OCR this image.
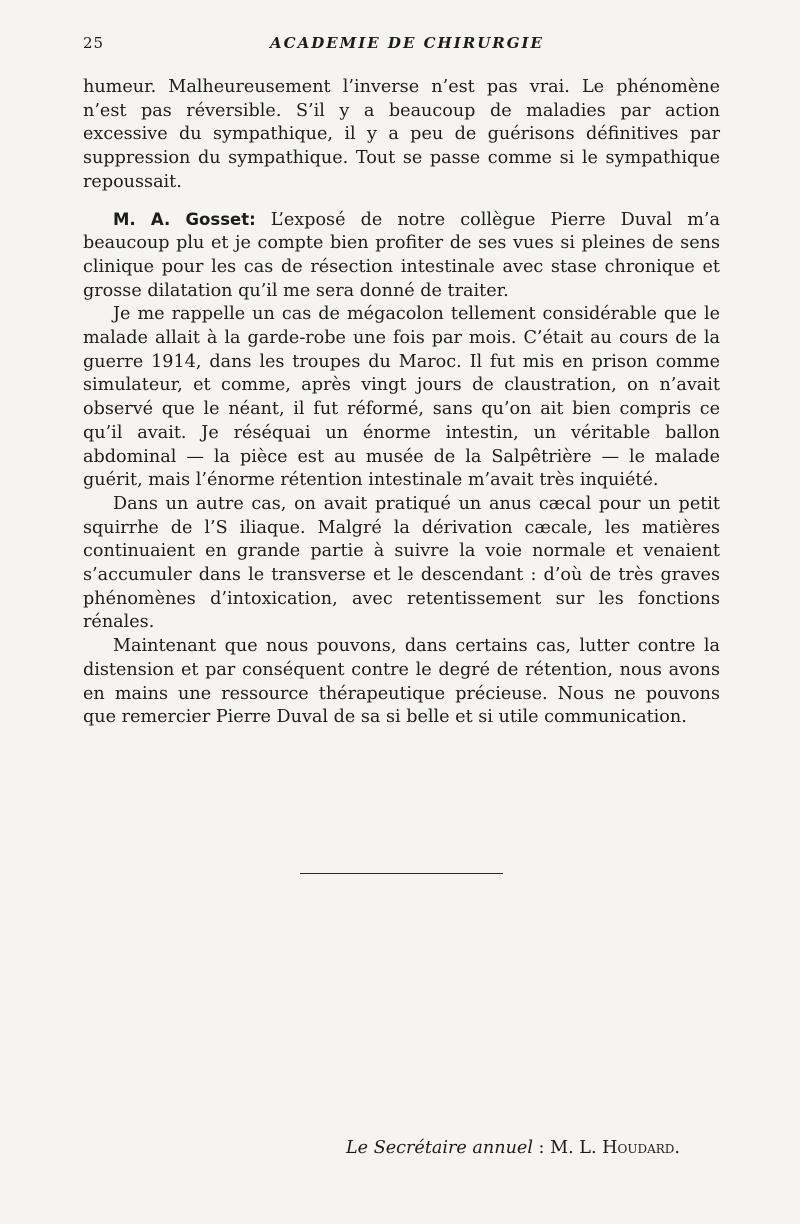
25	ACADEMIE DE CHIRURGIE

humeur. Malheureusement l’inverse n’est pas vrai. Le phénomène n’est pas réversible. S’il y a beaucoup de maladies par action excessive du sympathique, il y a peu de guérisons définitives par suppression du sympathique. Tout se passe comme si le sympathique repoussait.

M. A. Gosset: L’exposé de notre collègue Pierre Duval m’a beaucoup plu et je compte bien profiter de ses vues si pleines de sens clinique pour les cas de résection intestinale avec stase chronique et grosse dilatation qu’il me sera donné de traiter.

Je me rappelle un cas de mégacolon tellement considérable que le malade allait à la garde-robe une fois par mois. C’était au cours de la guerre 1914, dans les troupes du Maroc. Il fut mis en prison comme simulateur, et comme, après vingt jours de claustration, on n’avait observé que le néant, il fut réformé, sans qu’on ait bien compris ce qu’il avait. Je réséquai un énorme intestin, un véritable ballon abdominal — la pièce est au musée de la Salpêtrière — le malade guérit, mais l’énorme rétention intestinale m’avait très inquiété.

Dans un autre cas, on avait pratiqué un anus cæcal pour un petit squirrhe de l’S iliaque. Malgré la dérivation cæcale, les matières continuaient en grande partie à suivre la voie normale et venaient s’accumuler dans le transverse et le descendant : d’où de très graves phénomènes d’intoxication, avec retentissement sur les fonctions rénales.

Maintenant que nous pouvons, dans certains cas, lutter contre la distension et par conséquent contre le degré de rétention, nous avons en mains une ressource thérapeutique précieuse. Nous ne pouvons que remercier Pierre Duval de sa si belle et si utile communication.

Le Secrétaire annuel : M. L. Houdard.
